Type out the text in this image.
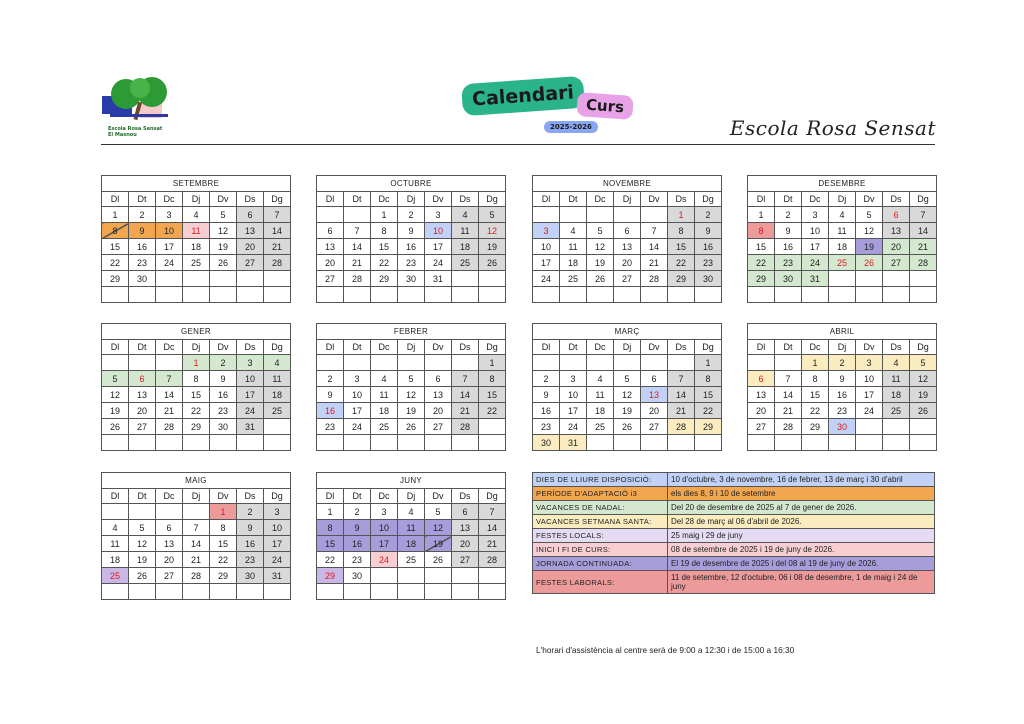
Escola Rosa Sensat
El Masnou
Calendari Curs
2025-2026	Escola Rosa Sensat
SETEMBRE						
Dl	Dt	Dc	Dj	Dv	Ds	Dg
1	2	3	4	5	6	7
8	9	10	11	12	13	14
15	16	17	18	19	20	21
22	23	24	25	26	27	28
29	30					

OCTUBRE						
Dl	Dt	Dc	Dj	Dv	Ds	Dg
		1	2	3	4	5
6	7	8	9	10	11	12
13	14	15	16	17	18	19
20	21	22	23	24	25	26
27	28	29	30	31		

NOVEMBRE						
Dl	Dt	Dc	Dj	Dv	Ds	Dg
					1	2
3	4	5	6	7	8	9
10	11	12	13	14	15	16
17	18	19	20	21	22	23
24	25	26	27	28	29	30

DESEMBRE						
Dl	Dt	Dc	Dj	Dv	Ds	Dg
1	2	3	4	5	6	7
8	9	10	11	12	13	14
15	16	17	18	19	20	21
22	23	24	25	26	27	28
29	30	31				

GENER						
Dl	Dt	Dc	Dj	Dv	Ds	Dg
			1	2	3	4
5	6	7	8	9	10	11
12	13	14	15	16	17	18
19	20	21	22	23	24	25
26	27	28	29	30	31	

FEBRER						
Dl	Dt	Dc	Dj	Dv	Ds	Dg
						1
2	3	4	5	6	7	8
9	10	11	12	13	14	15
16	17	18	19	20	21	22
23	24	25	26	27	28	

MARÇ						
Dl	Dt	Dc	Dj	Dv	Ds	Dg
						1
2	3	4	5	6	7	8
9	10	11	12	13	14	15
16	17	18	19	20	21	22
23	24	25	26	27	28	29
30	31					
ABRIL						
Dl	Dt	Dc	Dj	Dv	Ds	Dg
		1	2	3	4	5
6	7	8	9	10	11	12
13	14	15	16	17	18	19
20	21	22	23	24	25	26
27	28	29	30			

MAIG						
Dl	Dt	Dc	Dj	Dv	Ds	Dg
				1	2	3
4	5	6	7	8	9	10
11	12	13	14	15	16	17
18	19	20	21	22	23	24
25	26	27	28	29	30	31

JUNY						
Dl	Dt	Dc	Dj	Dv	Ds	Dg
1	2	3	4	5	6	7
8	9	10	11	12	13	14
15	16	17	18	19	20	21
22	23	24	25	26	27	28
29	30					

DIES DE LLIURE DISPOSICIÓ:	10 d'octubre, 3 de novembre, 16 de febrer, 13 de març i 30 d'abril
PERÍODE D'ADAPTACIÓ i3	els dies 8, 9 i 10 de setembre
VACANCES DE NADAL:	Del 20 de desembre de 2025 al 7 de gener de 2026.
VACANCES SETMANA SANTA:	Del 28 de març al 06 d'abril de 2026.
FESTES LOCALS:	25 maig i 29 de juny
INICI I FI DE CURS:	08 de setembre de 2025 i 19 de juny de 2026.
JORNADA CONTINUADA:	El 19 de desembre de 2025 i del 08 al 19 de juny de 2026.
FESTES LABORALS:	11 de setembre, 12 d'octubre, 06 i 08 de desembre, 1 de maig i 24 de juny
L'horari d'assistència al centre serà de 9:00 a 12:30 i de 15:00 a 16:30
